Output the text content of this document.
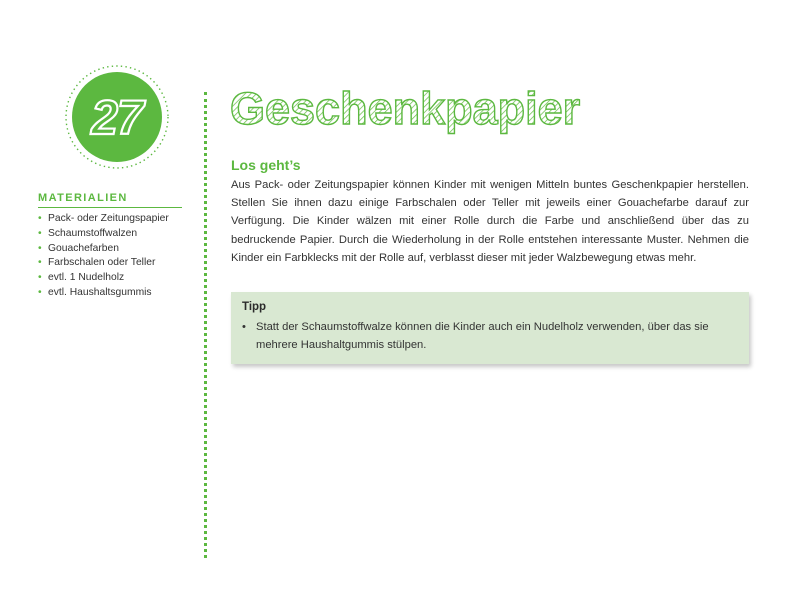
27 Geschenkpapier
Los geht’s

Aus Pack- oder Zeitungspapier können Kinder mit wenigen Mitteln buntes Geschenkpapier herstellen. Stellen Sie ihnen dazu einige Farbschalen oder Teller mit jeweils einer Gouachefarbe darauf zur Verfügung. Die Kinder wälzen mit einer Rolle durch die Farbe und anschließend über das zu bedruckende Papier. Durch die Wiederholung in der Rolle entstehen interessante Muster. Nehmen die Kinder ein Farbklecks mit der Rolle auf, verblasst dieser mit jeder Walzbewegung etwas mehr.

MATERIALIEN
• Pack- oder Zeitungspapier
• Schaumstoffwalzen
• Gouachefarben
• Farbschalen oder Teller
• evtl. 1 Nudelholz
• evtl. Haushaltsgummis
Tipp
• Statt der Schaumstoffwalze können die Kinder auch ein Nudelholz verwenden, über das sie mehrere Haushaltgummis stülpen.
